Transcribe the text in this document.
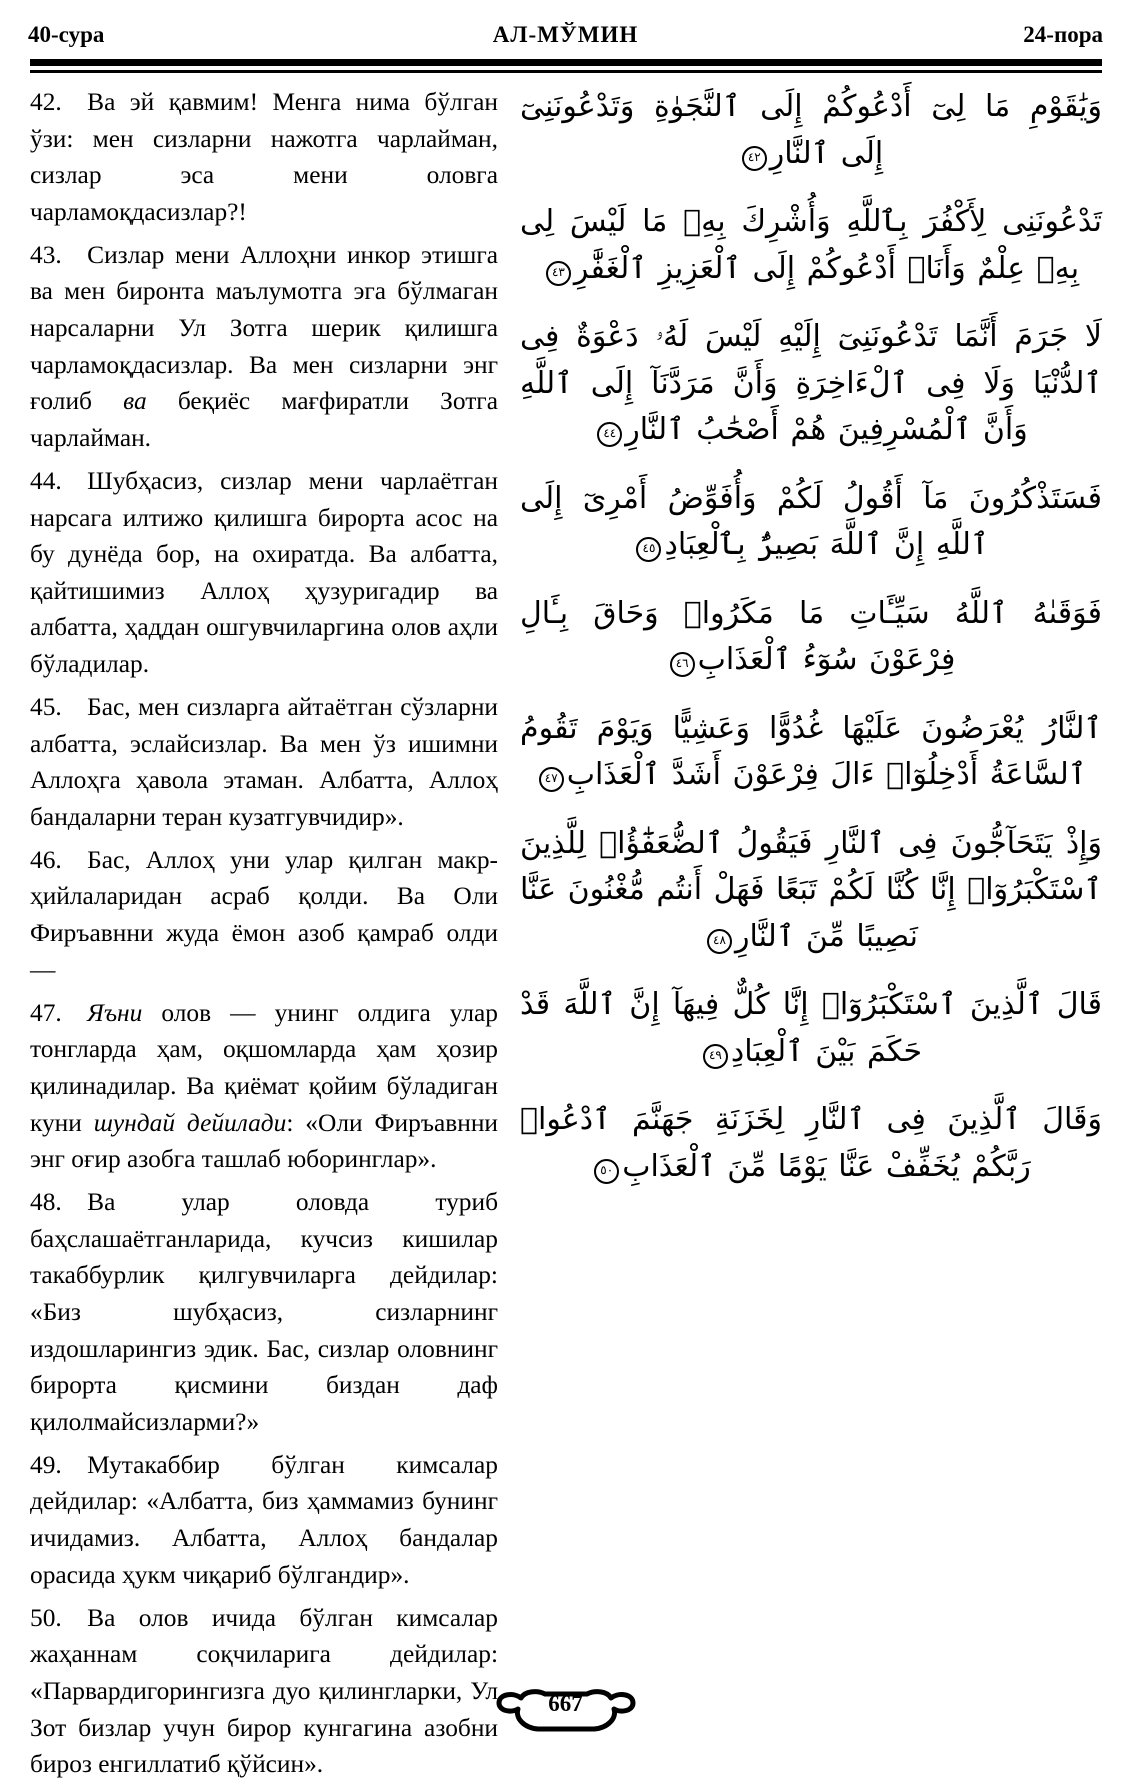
40-сура	АЛ-МЎМИН	24-пора

42.   Ва эй қавмим! Менга нима бўлган ўзи: мен сизларни нажотга чарлайман, сизлар эса мени оловга чарламоқдасизлар?!

43.   Сизлар мени Аллоҳни инкор этишга ва мен биронта маълумотга эга бўлмаган нарсаларни Ул Зотга шерик қилишга чарламоқдасизлар. Ва мен сизларни энг ғолиб ва беқиёс мағфиратли Зотга чарлайман.

44.   Шубҳасиз, сизлар мени чарлаётган нарсага илтижо қилишга бирорта асос на бу дунёда бор, на охиратда. Ва албатта, қайтишимиз Аллоҳ ҳузуригадир ва албатта, ҳаддан ошгувчиларгина олов аҳли бўладилар.

45.   Бас, мен сизларга айтаётган сўзларни албатта, эслайсизлар. Ва мен ўз ишимни Аллоҳга ҳавола этаман. Албатта, Аллоҳ бандаларни теран кузатгувчидир».

46.   Бас, Аллоҳ уни улар қилган макр-ҳийлаларидан асраб қолди. Ва Оли Фиръавнни жуда ёмон азоб қамраб олди —

47.   Яъни олов — унинг олдига улар тонгларда ҳам, оқшомларда ҳам ҳозир қилинадилар. Ва қиёмат қойим бўладиган куни шундай дейилади: «Оли Фиръавнни энг оғир азобга ташлаб юборинглар».

48.   Ва улар оловда туриб баҳслашаётганларида, кучсиз кишилар такаббурлик қилгувчиларга дейдилар: «Биз шубҳасиз, сизларнинг издошларингиз эдик. Бас, сизлар оловнинг бирорта қисмини биздан даф қилолмайсизларми?»

49.   Мутакаббир бўлган кимсалар дейдилар: «Албатта, биз ҳаммамиз бунинг ичидамиз. Албатта, Аллоҳ бандалар орасида ҳукм чиқариб бўлгандир».

50.   Ва олов ичида бўлган кимсалар жаҳаннам соқчиларига дейдилар: «Парвардигорингизга дуо қилингларки, Ул Зот бизлар учун бирор кунгагина азобни бироз енгиллатиб қўйсин».

وَيَٰقَوْمِ مَا لِىٓ أَدْعُوكُمْ إِلَى ٱلنَّجَوٰةِ وَتَدْعُونَنِىٓ إِلَى ٱلنَّارِ٤٢
تَدْعُونَنِى لِأَكْفُرَ بِٱللَّهِ وَأُشْرِكَ بِهِۦ مَا لَيْسَ لِى بِهِۦ عِلْمٌ وَأَنَا۠ أَدْعُوكُمْ إِلَى ٱلْعَزِيزِ ٱلْغَفَّٰرِ٤٣
لَا جَرَمَ أَنَّمَا تَدْعُونَنِىٓ إِلَيْهِ لَيْسَ لَهُۥ دَعْوَةٌ فِى ٱلدُّنْيَا وَلَا فِى ٱلْءَاخِرَةِ وَأَنَّ مَرَدَّنَآ إِلَى ٱللَّهِ وَأَنَّ ٱلْمُسْرِفِينَ هُمْ أَصْحَٰبُ ٱلنَّارِ٤٤
فَسَتَذْكُرُونَ مَآ أَقُولُ لَكُمْ وَأُفَوِّضُ أَمْرِىٓ إِلَى ٱللَّهِ إِنَّ ٱللَّهَ بَصِيرٌۢ بِٱلْعِبَادِ٤٥
فَوَقَىٰهُ ٱللَّهُ سَيِّـَٔاتِ مَا مَكَرُوا۟ وَحَاقَ بِـَٔالِ فِرْعَوْنَ سُوٓءُ ٱلْعَذَابِ٤٦
ٱلنَّارُ يُعْرَضُونَ عَلَيْهَا غُدُوًّا وَعَشِيًّا وَيَوْمَ تَقُومُ ٱلسَّاعَةُ أَدْخِلُوٓا۟ ءَالَ فِرْعَوْنَ أَشَدَّ ٱلْعَذَابِ٤٧
وَإِذْ يَتَحَآجُّونَ فِى ٱلنَّارِ فَيَقُولُ ٱلضُّعَفَٰٓؤُا۟ لِلَّذِينَ ٱسْتَكْبَرُوٓا۟ إِنَّا كُنَّا لَكُمْ تَبَعًا فَهَلْ أَنتُم مُّغْنُونَ عَنَّا نَصِيبًا مِّنَ ٱلنَّارِ٤٨
قَالَ ٱلَّذِينَ ٱسْتَكْبَرُوٓا۟ إِنَّا كُلٌّ فِيهَآ إِنَّ ٱللَّهَ قَدْ حَكَمَ بَيْنَ ٱلْعِبَادِ٤٩
وَقَالَ ٱلَّذِينَ فِى ٱلنَّارِ لِخَزَنَةِ جَهَنَّمَ ٱدْعُوا۟ رَبَّكُمْ يُخَفِّفْ عَنَّا يَوْمًا مِّنَ ٱلْعَذَابِ٥٠
667
